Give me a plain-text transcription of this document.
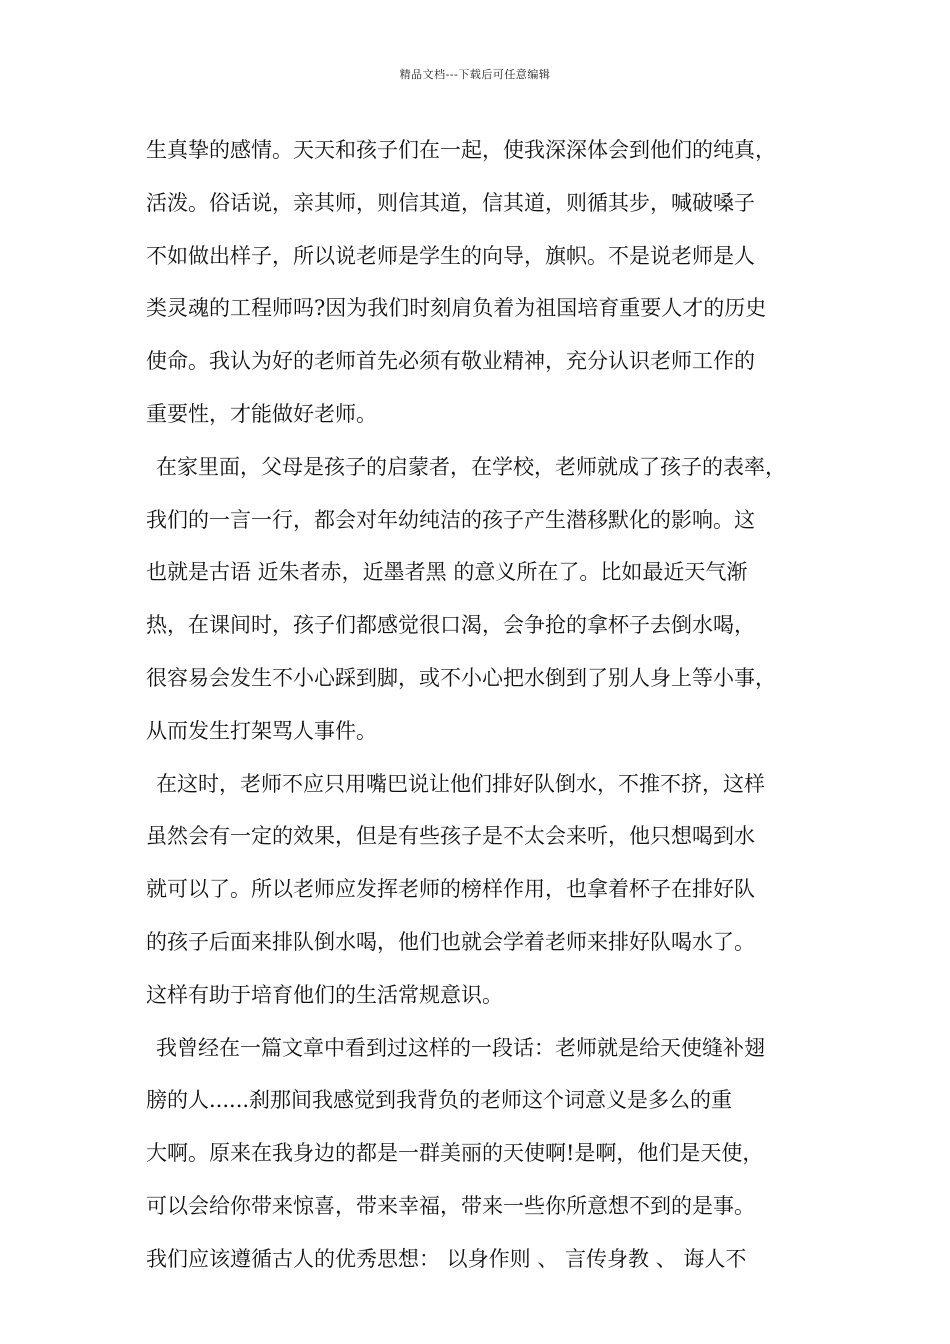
精品文档---下载后可任意编辑
生真挚的感情。天天和孩子们在一起，使我深深体会到他们的纯真，
活泼。俗话说，亲其师，则信其道，信其道，则循其步，喊破嗓子
不如做出样子，所以说老师是学生的向导，旗帜。不是说老师是人
类灵魂的工程师吗?因为我们时刻肩负着为祖国培育重要人才的历史
使命。我认为好的老师首先必须有敬业精神，充分认识老师工作的
重要性，才能做好老师。
在家里面，父母是孩子的启蒙者，在学校，老师就成了孩子的表率，
我们的一言一行，都会对年幼纯洁的孩子产生潜移默化的影响。这
也就是古语 近朱者赤，近墨者黑 的意义所在了。比如最近天气渐
热，在课间时，孩子们都感觉很口渴，会争抢的拿杯子去倒水喝，
很容易会发生不小心踩到脚，或不小心把水倒到了别人身上等小事，
从而发生打架骂人事件。
在这时，老师不应只用嘴巴说让他们排好队倒水，不推不挤，这样
虽然会有一定的效果，但是有些孩子是不太会来听，他只想喝到水
就可以了。所以老师应发挥老师的榜样作用，也拿着杯子在排好队
的孩子后面来排队倒水喝，他们也就会学着老师来排好队喝水了。
这样有助于培育他们的生活常规意识。
我曾经在一篇文章中看到过这样的一段话：老师就是给天使缝补翅
膀的人......刹那间我感觉到我背负的老师这个词意义是多么的重
大啊。原来在我身边的都是一群美丽的天使啊!是啊，他们是天使，
可以会给你带来惊喜，带来幸福，带来一些你所意想不到的是事。
我们应该遵循古人的优秀思想： 以身作则 、 言传身教 、 诲人不
